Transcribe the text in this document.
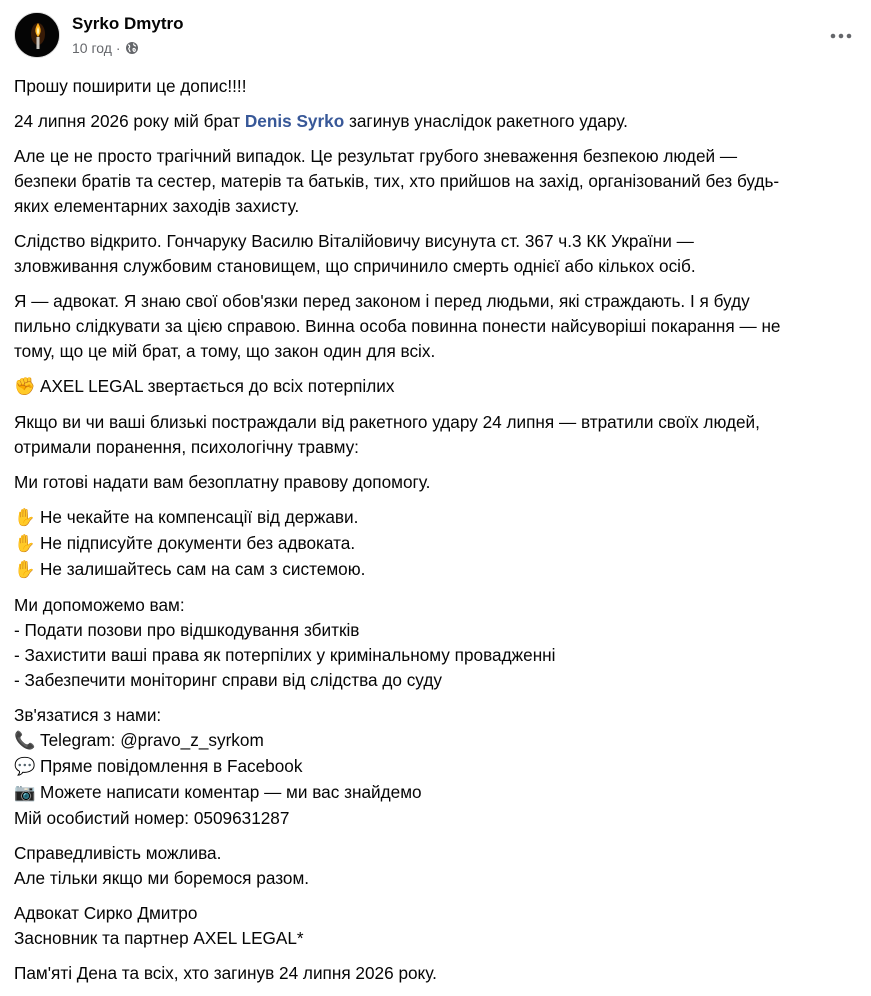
Syrko Dmytro
10 год ·
Прошу поширити це допис!!!!
24 липня 2026 року мій брат Denis Syrko загинув унаслідок ракетного удару.
Але це не просто трагічний випадок. Це результат грубого зневаження безпекою людей —
безпеки братів та сестер, матерів та батьків, тих, хто прийшов на захід, організований без будь-
яких елементарних заходів захисту.
Слідство відкрито. Гончаруку Василю Віталійовичу висунута ст. 367 ч.3 КК України —
зловживання службовим становищем, що спричинило смерть однієї або кількох осіб.
Я — адвокат. Я знаю свої обов'язки перед законом і перед людьми, які страждають. І я буду
пильно слідкувати за цією справою. Винна особа повинна понести найсуворіші покарання — не
тому, що це мій брат, а тому, що закон один для всіх.
✊ AXEL LEGAL звертається до всіх потерпілих
Якщо ви чи ваші близькі постраждали від ракетного удару 24 липня — втратили своїх людей,
отримали поранення, психологічну травму:
Ми готові надати вам безоплатну правову допомогу.
✋ Не чекайте на компенсації від держави.
✋ Не підписуйте документи без адвоката.
✋ Не залишайтесь сам на сам з системою.
Ми допоможемо вам:
- Подати позови про відшкодування збитків
- Захистити ваші права як потерпілих у кримінальному провадженні
- Забезпечити моніторинг справи від слідства до суду
Зв'язатися з нами:
📞 Telegram: @pravo_z_syrkom
💬 Пряме повідомлення в Facebook
📷 Можете написати коментар — ми вас знайдемо
Мій особистий номер: 0509631287
Справедливість можлива.
Але тільки якщо ми боремося разом.
Адвокат Сирко Дмитро
Засновник та партнер AXEL LEGAL*
Пам'яті Дена та всіх, хто загинув 24 липня 2026 року.
